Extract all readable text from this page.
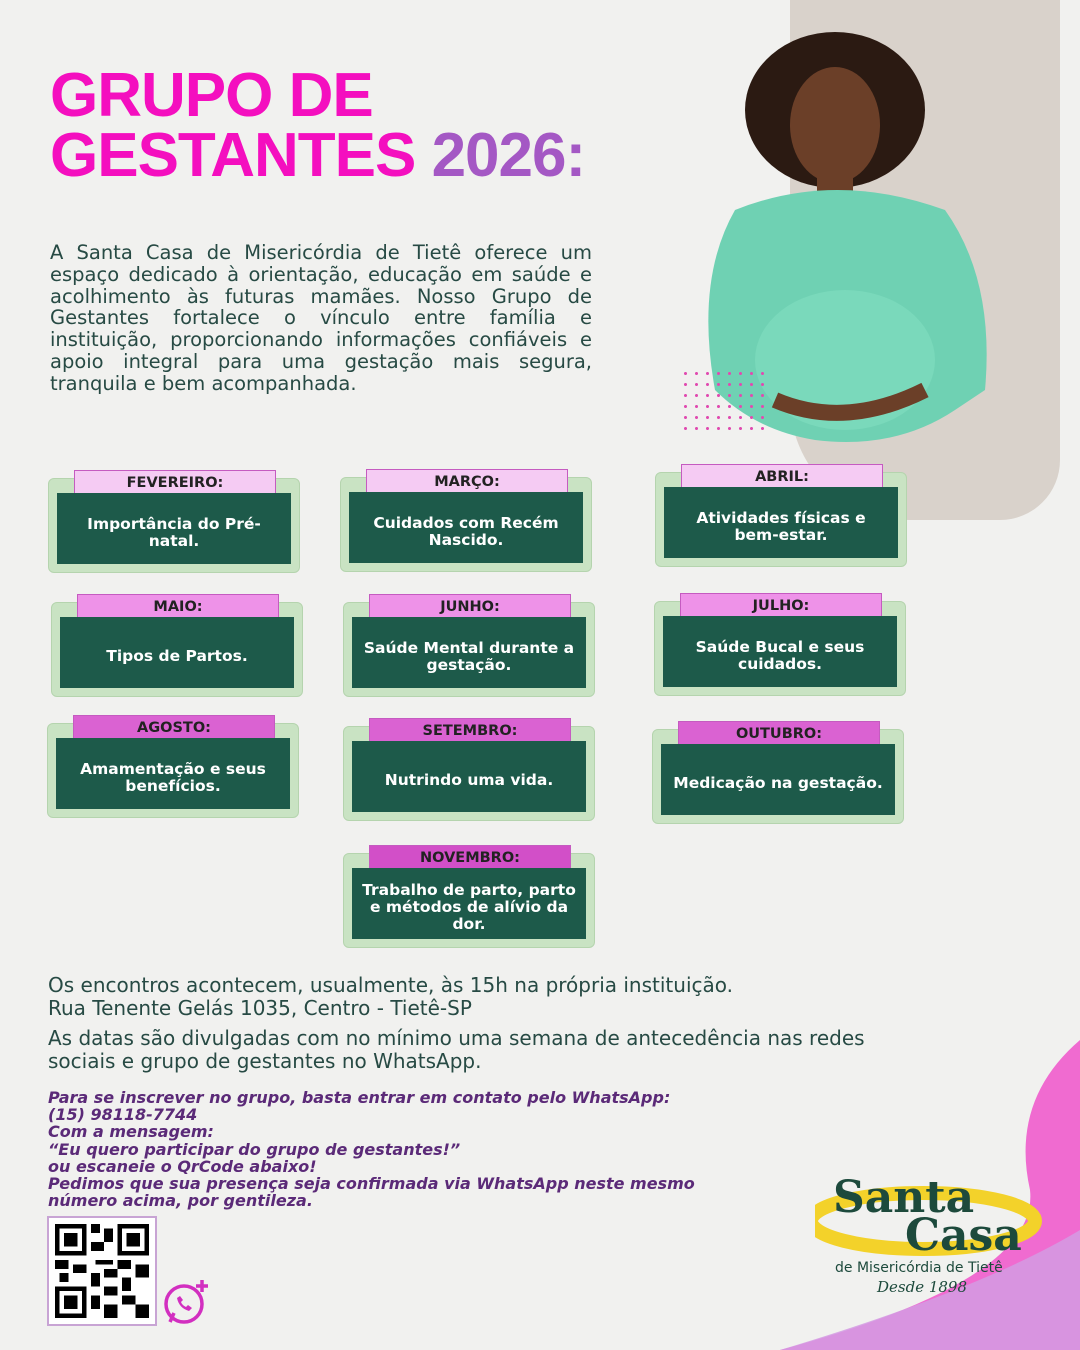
GRUPO DE
GESTANTES 2026:

A Santa Casa de Misericórdia de Tietê oferece um espaço dedicado à orientação, educação em saúde e acolhimento às futuras mamães. Nosso Grupo de Gestantes fortalece o vínculo entre família e instituição, proporcionando informações confiáveis e apoio integral para uma gestação mais segura, tranquila e bem acompanhada.

FEVEREIRO:
Importância do Pré-natal.
MARÇO:
Cuidados com Recém Nascido.
ABRIL:
Atividades físicas e bem-estar.
MAIO:
Tipos de Partos.
JUNHO:
Saúde Mental durante a gestação.
JULHO:
Saúde Bucal e seus cuidados.
AGOSTO:
Amamentação e seus benefícios.
SETEMBRO:
Nutrindo uma vida.
OUTUBRO:
Medicação na gestação.
NOVEMBRO:
Trabalho de parto, parto e métodos de alívio da dor.
Os encontros acontecem, usualmente, às 15h na própria instituição.
Rua Tenente Gelás 1035, Centro - Tietê-SP
As datas são divulgadas com no mínimo uma semana de antecedência nas redes sociais e grupo de gestantes no WhatsApp.
Para se inscrever no grupo, basta entrar em contato pelo WhatsApp:
(15) 98118-7744
Com a mensagem:
“Eu quero participar do grupo de gestantes!”
ou escaneie o QrCode abaixo!
Pedimos que sua presença seja confirmada via WhatsApp neste mesmo
número acima, por gentileza.	Santa
Casa
de Misericórdia de Tietê
Desde 1898
